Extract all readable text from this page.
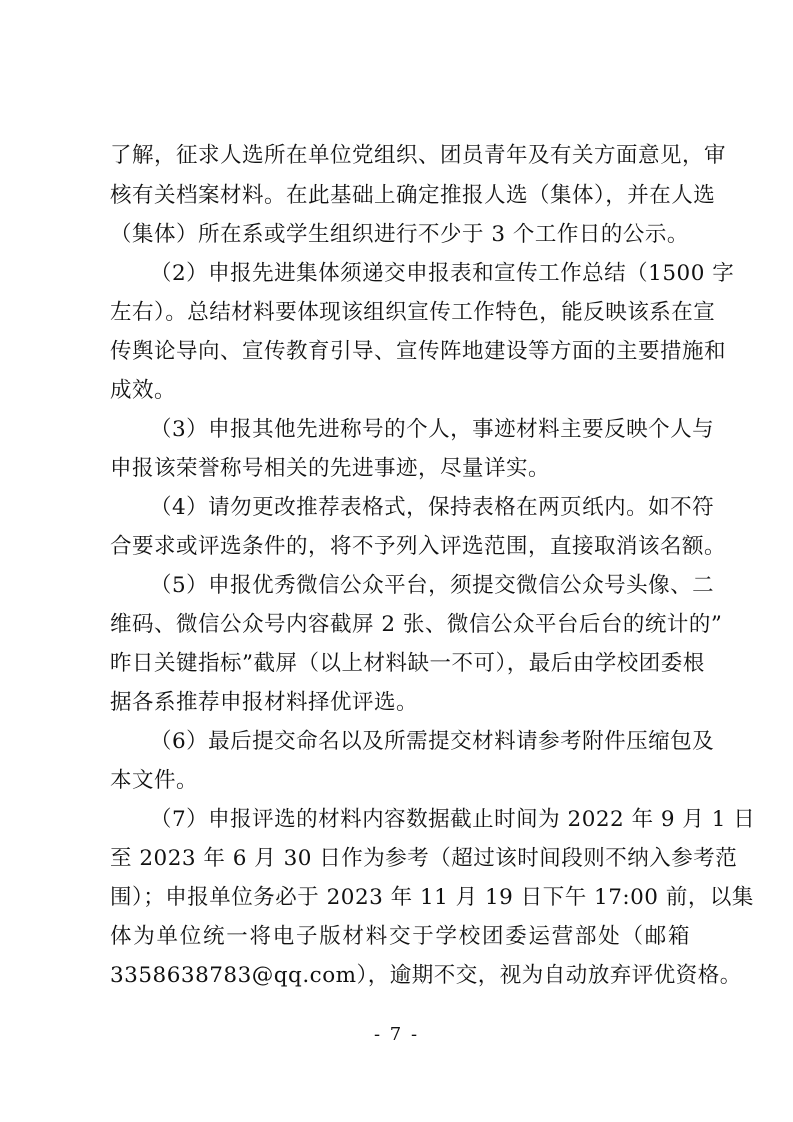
了解，征求人选所在单位党组织、团员青年及有关方面意见，审
核有关档案材料。在此基础上确定推报人选（集体），并在人选
（集体）所在系或学生组织进行不少于 3 个工作日的公示。
（2）申报先进集体须递交申报表和宣传工作总结（1500 字
左右）。总结材料要体现该组织宣传工作特色，能反映该系在宣
传舆论导向、宣传教育引导、宣传阵地建设等方面的主要措施和
成效。
（3）申报其他先进称号的个人，事迹材料主要反映个人与
申报该荣誉称号相关的先进事迹，尽量详实。
（4）请勿更改推荐表格式，保持表格在两页纸内。如不符
合要求或评选条件的，将不予列入评选范围，直接取消该名额。
（5）申报优秀微信公众平台，须提交微信公众号头像、二
维码、微信公众号内容截屏 2 张、微信公众平台后台的统计的”
昨日关键指标”截屏（以上材料缺一不可），最后由学校团委根
据各系推荐申报材料择优评选。
（6）最后提交命名以及所需提交材料请参考附件压缩包及
本文件。
（7）申报评选的材料内容数据截止时间为 2022 年 9 月 1 日
至 2023 年 6 月 30 日作为参考（超过该时间段则不纳入参考范
围）；申报单位务必于 2023 年 11 月 19 日下午 17:00 前，以集
体为单位统一将电子版材料交于学校团委运营部处（邮箱
3358638783@qq.com），逾期不交，视为自动放弃评优资格。
- 7 -
